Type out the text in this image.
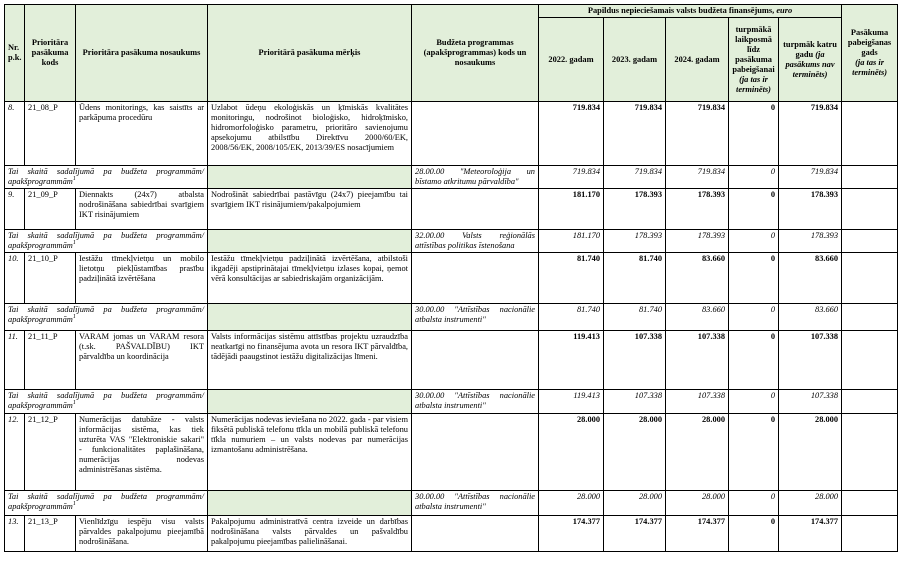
Nr. p.k.	Prioritāra pasākuma kods	Prioritāra pasākuma nosaukums	Prioritārā pasākuma mērķis	Budžeta programmas (apakšprogrammas) kods un nosaukums	Papildus nepieciešamais valsts budžeta finansējums, euro					Pasākuma pabeigšanas gads
(ja tas ir terminēts)
					2022. gadam	2023. gadam	2024. gadam	turpmākā laikposmā līdz pasākuma pabeigšanai (ja tas ir terminēts)	turpmāk katru gadu (ja pasākums nav terminēts)	
8.	21_08_P	Ūdens monitorings, kas saistīts ar parkāpuma procedūru	Uzlabot ūdeņu ekoloģiskās un ķīmiskās kvalitātes monitoringu, nodrošinot bioloģisko, hidroķīmisko, hidromorfoloģisko parametru, prioritāro savienojumu apsekojumu atbilstību Direktīvu 2000/60/EK, 2008/56/EK, 2008/105/EK, 2013/39/ES nosacījumiem		719.834	719.834	719.834	0	719.834	
Tai skaitā sadalījumā pa budžeta programmām/ apakšprogrammām$^1$				28.00.00 "Meteoroloģija un bīstamo atkritumu pārvaldība"	719.834	719.834	719.834	0	719.834	
9.	21_09_P	Diennakts (24x7) atbalsta nodrošināšana sabiedrībai svarīgiem IKT risinājumiem	Nodrošināt sabiedrībai pastāvīgu (24x7) pieejamību tai svarīgiem IKT risinājumiem/pakalpojumiem		181.170	178.393	178.393	0	178.393	
Tai skaitā sadalījumā pa budžeta programmām/ apakšprogrammām$^1$				32.00.00 Valsts reģionālās attīstības politikas īstenošana	181.170	178.393	178.393	0	178.393	
10.	21_10_P	Iestāžu tīmekļvietņu un mobilo lietotņu piekļūstamības prasību padziļinātā izvērtēšana	Iestāžu tīmekļvietņu padziļinātā izvērtēšana, atbilstoši ikgadēji apstiprinātajai tīmekļvietņu izlases kopai, ņemot vērā konsultācijas ar sabiedriskajām organizācijām.		81.740	81.740	83.660	0	83.660	
Tai skaitā sadalījumā pa budžeta programmām/ apakšprogrammām$^1$				30.00.00 "Attīstības nacionālie atbalsta instrumenti"	81.740	81.740	83.660	0	83.660	
11.	21_11_P	VARAM jomas un VARAM resora (t.sk. PAŠVALDĪBU) IKT pārvaldība un koordinācija	Valsts informācijas sistēmu attīstības projektu uzraudzība neatkarīgi no finansējuma avota un resora IKT pārvaldība, tādējādi paaugstinot iestāžu digitalizācijas līmeni.		119.413	107.338	107.338	0	107.338	
Tai skaitā sadalījumā pa budžeta programmām/ apakšprogrammām$^1$				30.00.00 "Attīstības nacionālie atbalsta instrumenti"	119.413	107.338	107.338	0	107.338	
12.	21_12_P	Numerācijas datubāze - valsts informācijas sistēma, kas tiek uzturēta VAS "Elektroniskie sakari" - funkcionalitātes paplašināšana, numerācijas nodevas administrēšanas sistēma.	Numerācijas nodevas ieviešana no 2022. gada - par visiem fiksētā publiskā telefonu tīkla un mobilā publiskā telefonu tīkla numuriem – un valsts nodevas par numerācijas izmantošanu administrēšana.		28.000	28.000	28.000	0	28.000	
Tai skaitā sadalījumā pa budžeta programmām/ apakšprogrammām$^1$				30.00.00 "Attīstības nacionālie atbalsta instrumenti"	28.000	28.000	28.000	0	28.000	
13.	21_13_P	Vienlīdzīgu iespēju visu valsts pārvaldes pakalpojumu pieejamībā nodrošināšana.	Pakalpojumu administratīvā centra izveide un darbības nodrošināšana valsts pārvaldes un pašvaldību pakalpojumu pieejamības palielināšanai.		174.377	174.377	174.377	0	174.377	
